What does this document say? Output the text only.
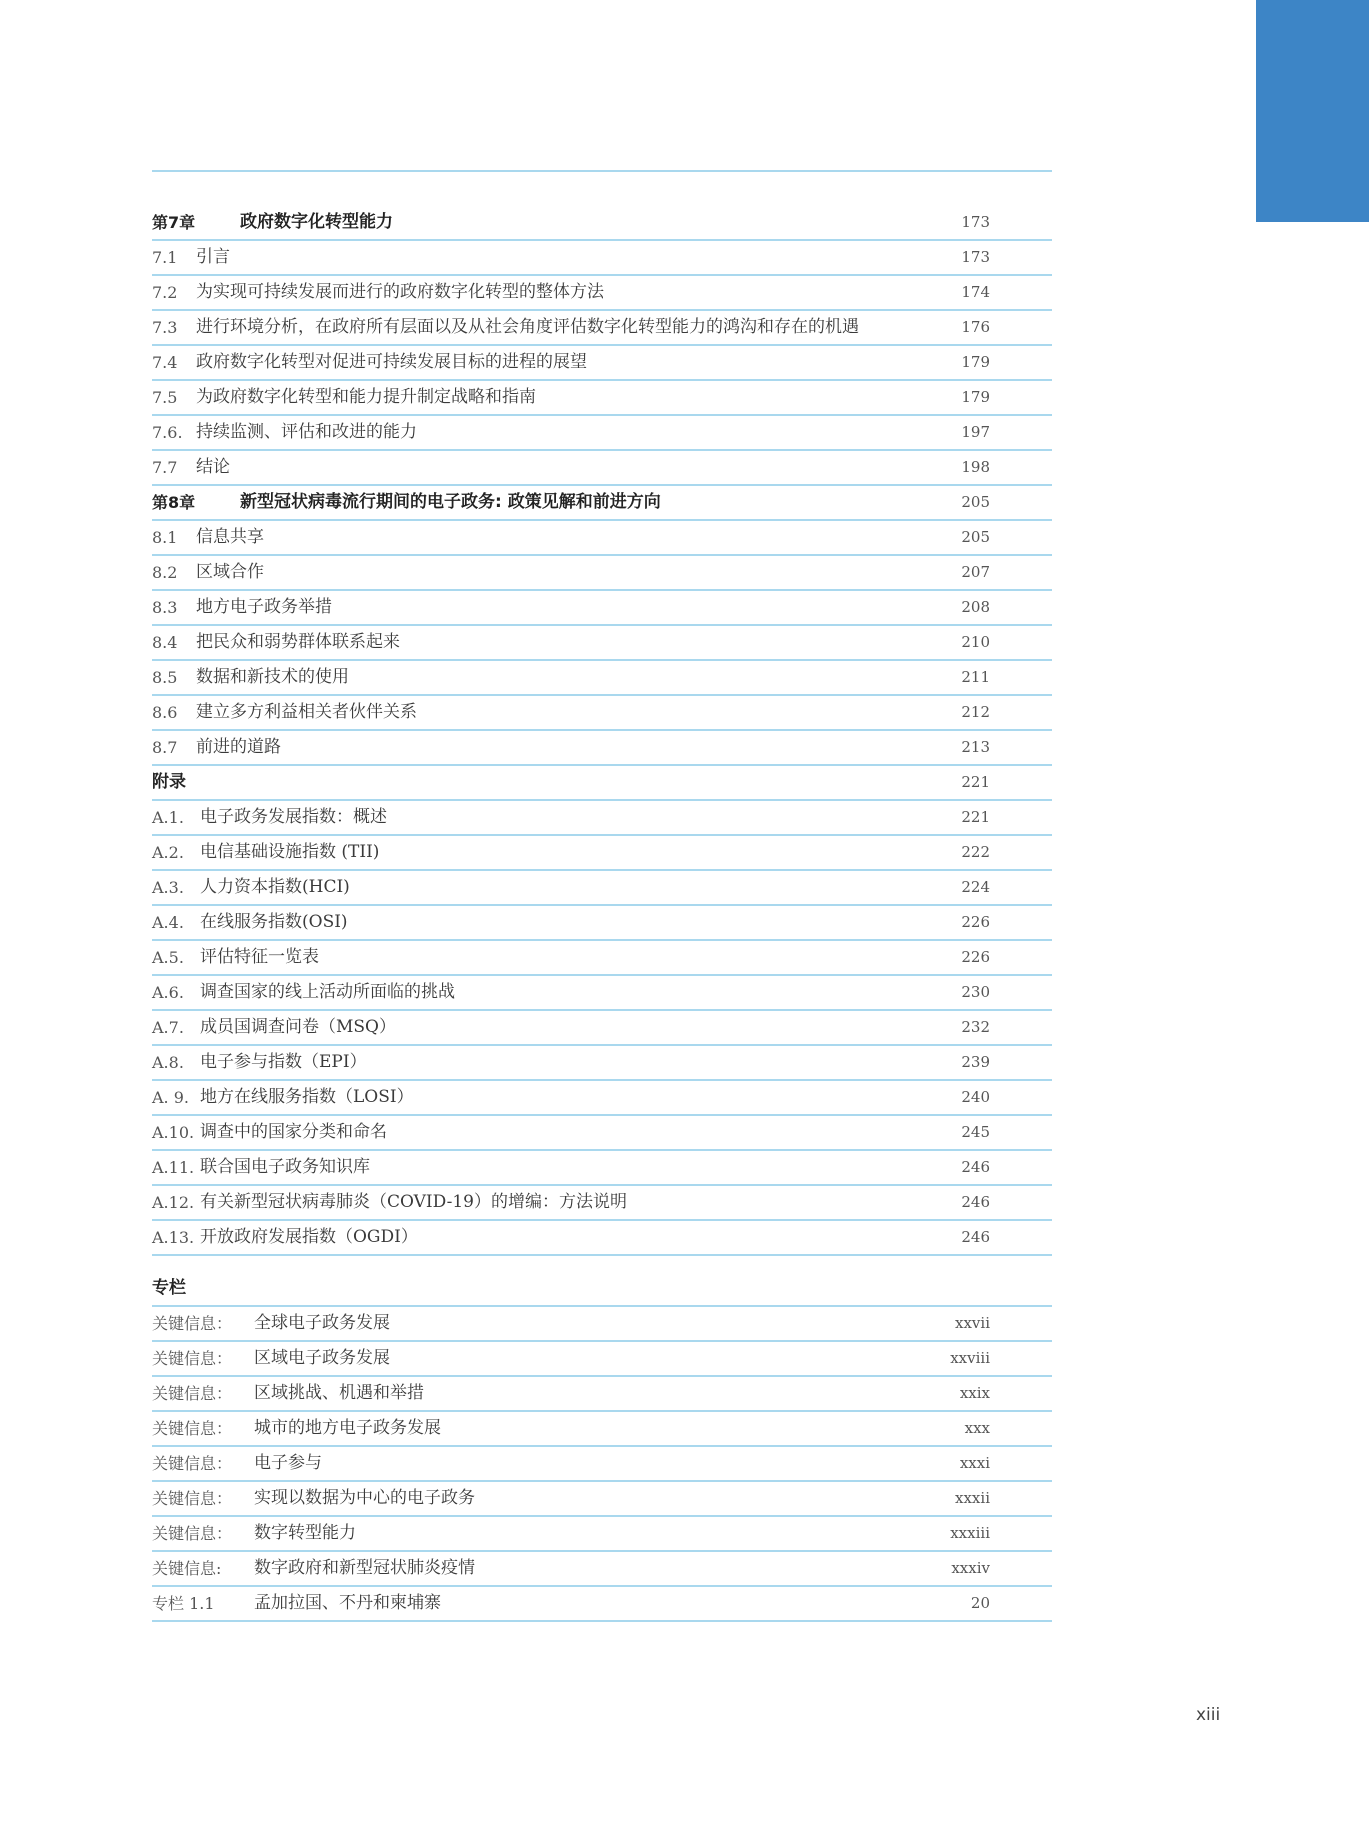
第7章	政府数字化转型能力	173
7.1 引言	173
7.2 为实现可持续发展而进行的政府数字化转型的整体方法	174
7.3 进行环境分析，在政府所有层面以及从社会角度评估数字化转型能力的鸿沟和存在的机遇	176
7.4 政府数字化转型对促进可持续发展目标的进程的展望	179
7.5 为政府数字化转型和能力提升制定战略和指南	179
7.6. 持续监测、评估和改进的能力	197
7.7 结论	198
第8章	新型冠状病毒流行期间的电子政务: 政策见解和前进方向	205
8.1 信息共享	205
8.2 区域合作	207
8.3 地方电子政务举措	208
8.4 把民众和弱势群体联系起来	210
8.5 数据和新技术的使用	211
8.6 建立多方利益相关者伙伴关系	212
8.7 前进的道路	213
附录	221
A.1. 电子政务发展指数：概述	221
A.2. 电信基础设施指数 (TII)	222
A.3. 人力资本指数(HCI)	224
A.4. 在线服务指数(OSI)	226
A.5. 评估特征一览表	226
A.6. 调查国家的线上活动所面临的挑战	230
A.7. 成员国调查问卷（MSQ）	232
A.8. 电子参与指数（EPI）	239
A. 9. 地方在线服务指数（LOSI）	240
A.10. 调查中的国家分类和命名	245
A.11. 联合国电子政务知识库	246
A.12. 有关新型冠状病毒肺炎（COVID-19）的增编：方法说明	246
A.13. 开放政府发展指数（OGDI）	246
专栏
关键信息： 全球电子政务发展	xxvii
关键信息： 区域电子政务发展	xxviii
关键信息： 区域挑战、机遇和举措	xxix
关键信息： 城市的地方电子政务发展	xxx
关键信息： 电子参与	xxxi
关键信息： 实现以数据为中心的电子政务	xxxii
关键信息： 数字转型能力	xxxiii
关键信息: 数字政府和新型冠状肺炎疫情	xxxiv
专栏 1.1 孟加拉国、不丹和柬埔寨	20
xiii
